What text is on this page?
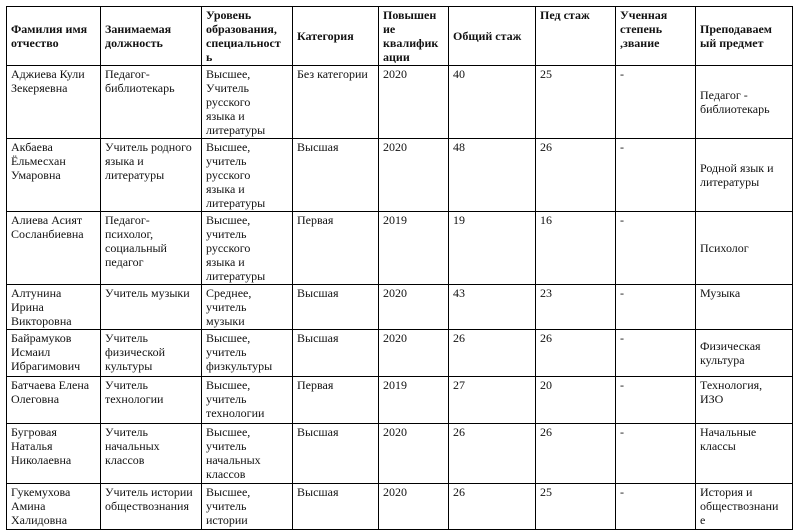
Фамилия имя
отчество	Занимаемая
должность	Уровень
образования,
специальност
ь	Категория	Повышен
ие
квалифик
ации	Общий стаж	Пед стаж	Ученная
степень
,звание	Преподаваем
ый предмет
Аджиева Кули
Зекеряевна	Педагог-
библиотекарь	Высшее,
Учитель
русского
языка и
литературы	Без категории	2020	40	25	-	Педагог -
библиотекарь
Акбаева
Ёльмесхан
Умаровна	Учитель родного
языка и
литературы	Высшее,
учитель
русского
языка и
литературы	Высшая	2020	48	26	-	Родной язык и
литературы
Алиева Асият
Сосланбиевна	Педагог-
психолог,
социальный
педагог	Высшее,
учитель
русского
языка и
литературы	Первая	2019	19	16	-	Психолог
Алтунина
Ирина
Викторовна	Учитель музыки	Среднее,
учитель
музыки	Высшая	2020	43	23	-	Музыка
Байрамуков
Исмаил
Ибрагимович	Учитель
физической
культуры	Высшее,
учитель
физкультуры	Высшая	2020	26	26	-	Физическая
культура
Батчаева Елена
Олеговна	Учитель
технологии	Высшее,
учитель
технологии	Первая	2019	27	20	-	Технология,
ИЗО
Бугровая
Наталья
Николаевна	Учитель
начальных
классов	Высшее,
учитель
начальных
классов	Высшая	2020	26	26	-	Начальные
классы
Гукемухова
Амина
Халидовна	Учитель истории
обществознания	Высшее,
учитель
истории	Высшая	2020	26	25	-	История и
обществознани
е
